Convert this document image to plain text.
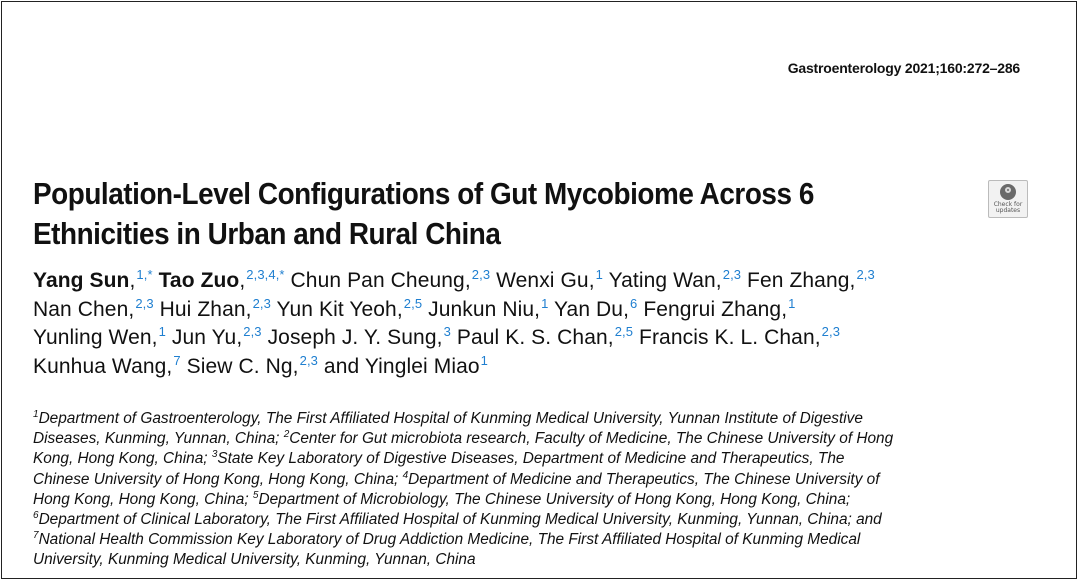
Gastroenterology 2021;160:272–286
Population-Level Configurations of Gut Mycobiome Across 6
Ethnicities in Urban and Rural China
Check for
updates
Yang Sun,$^{1,*}$ Tao Zuo,$^{2,3,4,*}$ Chun Pan Cheung,$^{2,3}$ Wenxi Gu,$^1$ Yating Wan,$^{2,3}$ Fen Zhang,$^{2,3}$
Nan Chen,$^{2,3}$ Hui Zhan,$^{2,3}$ Yun Kit Yeoh,$^{2,5}$ Junkun Niu,$^1$ Yan Du,$^6$ Fengrui Zhang,$^1$
Yunling Wen,$^1$ Jun Yu,$^{2,3}$ Joseph J. Y. Sung,$^3$ Paul K. S. Chan,$^{2,5}$ Francis K. L. Chan,$^{2,3}$
Kunhua Wang,$^7$ Siew C. Ng,$^{2,3}$ and Yinglei Miao$^1$
$^1$Department of Gastroenterology, The First Affiliated Hospital of Kunming Medical University, Yunnan Institute of Digestive
Diseases, Kunming, Yunnan, China; $^2$Center for Gut microbiota research, Faculty of Medicine, The Chinese University of Hong
Kong, Hong Kong, China; $^3$State Key Laboratory of Digestive Diseases, Department of Medicine and Therapeutics, The
Chinese University of Hong Kong, Hong Kong, China; $^4$Department of Medicine and Therapeutics, The Chinese University of
Hong Kong, Hong Kong, China; $^5$Department of Microbiology, The Chinese University of Hong Kong, Hong Kong, China;
$^6$Department of Clinical Laboratory, The First Affiliated Hospital of Kunming Medical University, Kunming, Yunnan, China; and
$^7$National Health Commission Key Laboratory of Drug Addiction Medicine, The First Affiliated Hospital of Kunming Medical
University, Kunming Medical University, Kunming, Yunnan, China
